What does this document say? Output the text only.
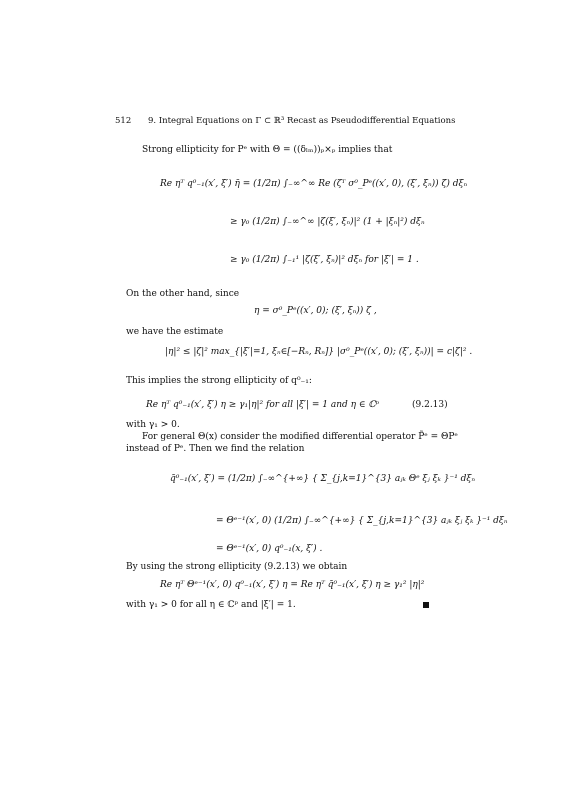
512 9. Integral Equations on Γ ⊂ ℝ³ Recast as Pseudodifferential Equations
Strong ellipticity for Pᵉ with Θ = ((δₗₘ))ₚ×ₚ implies that
Re ηᵀ q⁰₋₁(x′, ξ′) η̄ = (1/2π) ∫₋∞^∞ Re (ζᵀ σ⁰_Pᵉ((x′, 0), (ξ′, ξₙ)) ζ̄) dξₙ
≥ γ₀ (1/2π) ∫₋∞^∞ |ζ(ξ′, ξₙ)|² (1 + |ξₙ|²) dξₙ
≥ γ₀ (1/2π) ∫₋₁¹ |ζ(ξ′, ξₙ)|² dξₙ for |ξ′| = 1 .
On the other hand, since
η = σ⁰_Pᵉ((x′, 0); (ξ′, ξₙ)) ζ ,
we have the estimate
|η|² ≤ |ζ|² max_{|ξ′|=1, ξₙ∈[−Rₙ, Rₙ]} |σ⁰_Pᵉ((x′, 0); (ξ′, ξₙ))| = c|ζ|² .
This implies the strong ellipticity of q⁰₋₁:
Re ηᵀ q⁰₋₁(x′, ξ′) η ≥ γ₁|η|² for all |ξ′| = 1 and η ∈ ℂᵖ	(9.2.13)
with γ₁ > 0.
For general Θ(x) consider the modified differential operator P̃ᵉ = ΘPᵉ
instead of Pᵉ. Then we find the relation
q̃⁰₋₁(x′, ξ′) = (1/2π) ∫₋∞^{+∞} { Σ_{j,k=1}^{3} aⱼₖ Θᵉ ξⱼ ξₖ }⁻¹ dξₙ
= Θᵉ⁻¹(x′, 0) (1/2π) ∫₋∞^{+∞} { Σ_{j,k=1}^{3} aⱼₖ ξⱼ ξₖ }⁻¹ dξₙ
= Θᵉ⁻¹(x′, 0) q⁰₋₁(x, ξ′) .
By using the strong ellipticity (9.2.13) we obtain
Re ηᵀ Θᵉ⁻¹(x′, 0) q⁰₋₁(x′, ξ′) η = Re ηᵀ q̃⁰₋₁(x′, ξ′) η ≥ γ₁² |η|²
with γ₁ > 0 for all η ∈ ℂᵖ and |ξ′| = 1.
